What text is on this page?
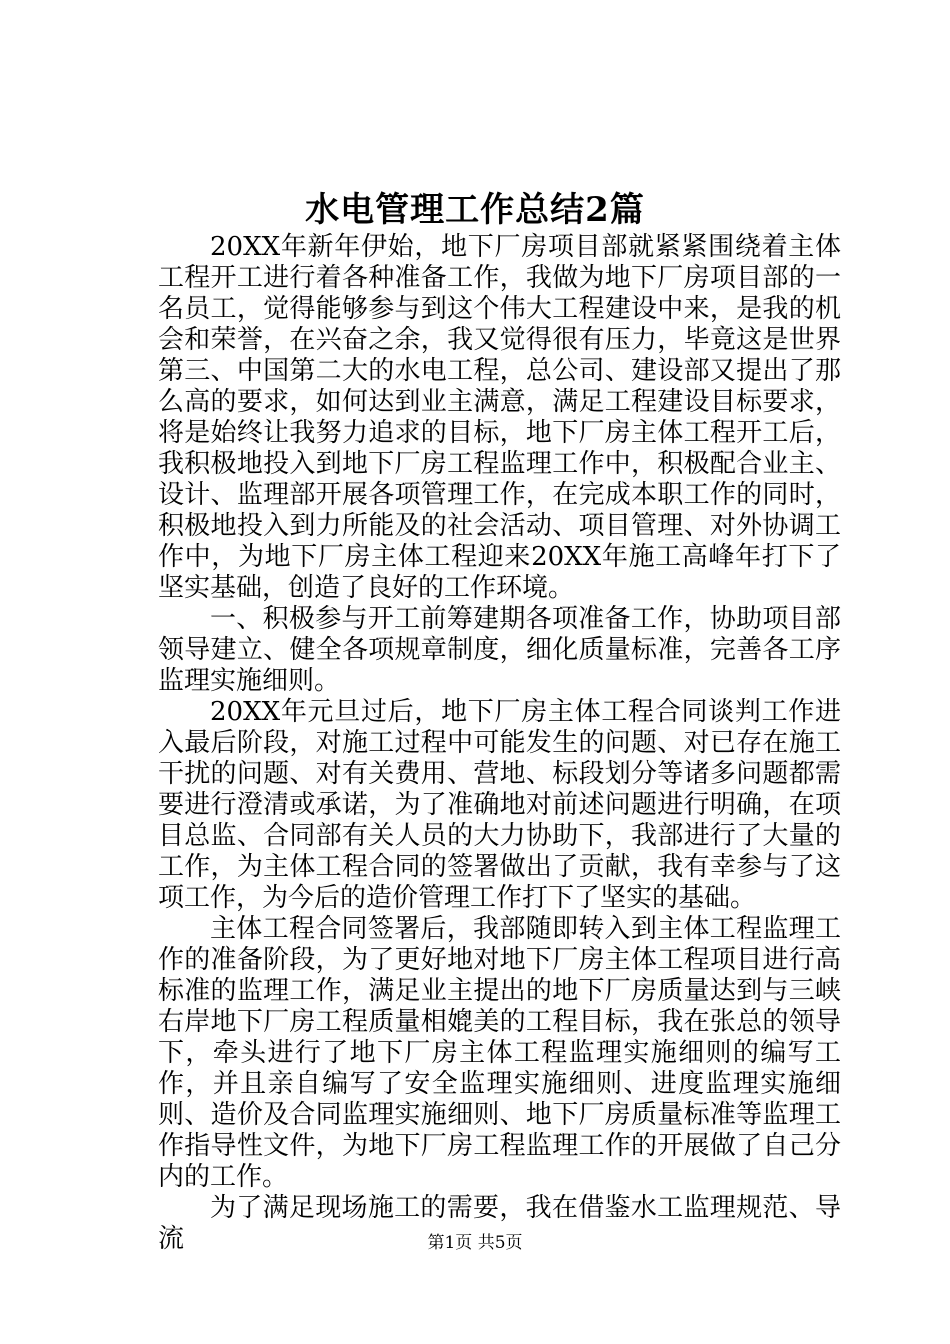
水电管理工作总结2篇

20XX年新年伊始，地下厂房项目部就紧紧围绕着主体工程开工进行着各种准备工作，我做为地下厂房项目部的一名员工，觉得能够参与到这个伟大工程建设中来，是我的机会和荣誉，在兴奋之余，我又觉得很有压力，毕竟这是世界第三、中国第二大的水电工程，总公司、建设部又提出了那么高的要求，如何达到业主满意，满足工程建设目标要求，将是始终让我努力追求的目标，地下厂房主体工程开工后，我积极地投入到地下厂房工程监理工作中，积极配合业主、设计、监理部开展各项管理工作，在完成本职工作的同时，积极地投入到力所能及的社会活动、项目管理、对外协调工作中，为地下厂房主体工程迎来20XX年施工高峰年打下了坚实基础，创造了良好的工作环境。

一、积极参与开工前筹建期各项准备工作，协助项目部领导建立、健全各项规章制度，细化质量标准，完善各工序监理实施细则。

20XX年元旦过后，地下厂房主体工程合同谈判工作进入最后阶段，对施工过程中可能发生的问题、对已存在施工干扰的问题、对有关费用、营地、标段划分等诸多问题都需要进行澄清或承诺，为了准确地对前述问题进行明确，在项目总监、合同部有关人员的大力协助下，我部进行了大量的工作，为主体工程合同的签署做出了贡献，我有幸参与了这项工作，为今后的造价管理工作打下了坚实的基础。

主体工程合同签署后，我部随即转入到主体工程监理工作的准备阶段，为了更好地对地下厂房主体工程项目进行高标准的监理工作，满足业主提出的地下厂房质量达到与三峡右岸地下厂房工程质量相媲美的工程目标，我在张总的领导下，牵头进行了地下厂房主体工程监理实施细则的编写工作，并且亲自编写了安全监理实施细则、进度监理实施细则、造价及合同监理实施细则、地下厂房质量标准等监理工作指导性文件，为地下厂房工程监理工作的开展做了自己分内的工作。

为了满足现场施工的需要，我在借鉴水工监理规范、导流	第1页 共5页
